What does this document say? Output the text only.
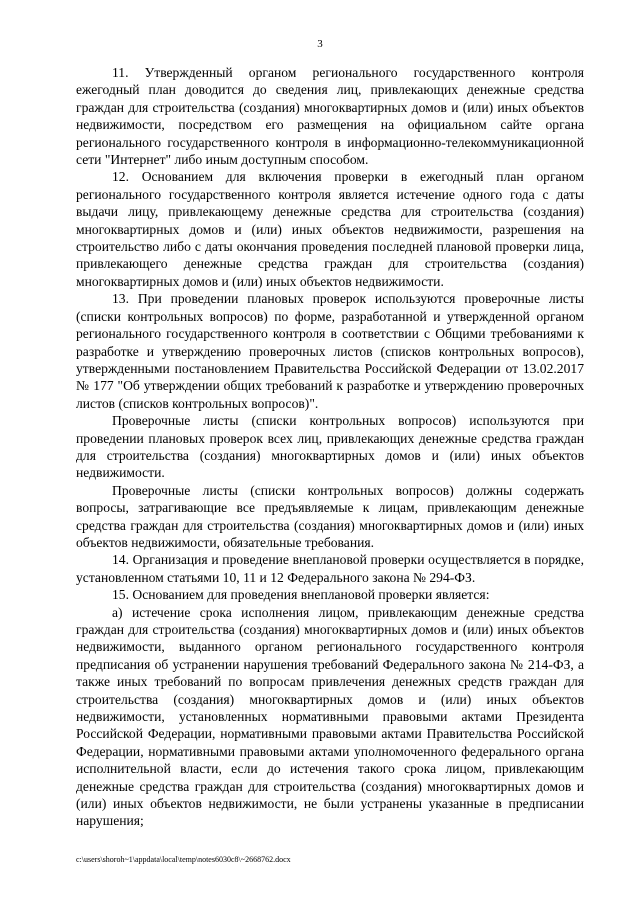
3

11. Утвержденный органом регионального государственного контроля ежегодный план доводится до сведения лиц, привлекающих денежные средства граждан для строительства (создания) многоквартирных домов и (или) иных объектов недвижимости, посредством его размещения на официальном сайте органа регионального государственного контроля в информационно-телекоммуникационной сети "Интернет" либо иным доступным способом.

12. Основанием для включения проверки в ежегодный план органом регионального государственного контроля является истечение одного года с даты выдачи лицу, привлекающему денежные средства для строительства (создания) многоквартирных домов и (или) иных объектов недвижимости, разрешения на строительство либо с даты окончания проведения последней плановой проверки лица, привлекающего денежные средства граждан для строительства (создания) многоквартирных домов и (или) иных объектов недвижимости.

13. При проведении плановых проверок используются проверочные листы (списки контрольных вопросов) по форме, разработанной и утвержденной органом регионального государственного контроля в соответствии с Общими требованиями к разработке и утверждению проверочных листов (списков контрольных вопросов), утвержденными постановлением Правительства Российской Федерации от 13.02.2017 № 177 "Об утверждении общих требований к разработке и утверждению проверочных листов (списков контрольных вопросов)".

Проверочные листы (списки контрольных вопросов) используются при проведении плановых проверок всех лиц, привлекающих денежные средства граждан для строительства (создания) многоквартирных домов и (или) иных объектов недвижимости.

Проверочные листы (списки контрольных вопросов) должны содержать вопросы, затрагивающие все предъявляемые к лицам, привлекающим денежные средства граждан для строительства (создания) многоквартирных домов и (или) иных объектов недвижимости, обязательные требования.

14. Организация и проведение внеплановой проверки осуществляется в порядке, установленном статьями 10, 11 и 12 Федерального закона № 294-ФЗ.

15. Основанием для проведения внеплановой проверки является:

а) истечение срока исполнения лицом, привлекающим денежные средства граждан для строительства (создания) многоквартирных домов и (или) иных объектов недвижимости, выданного органом регионального государственного контроля предписания об устранении нарушения требований Федерального закона № 214-ФЗ, а также иных требований по вопросам привлечения денежных средств граждан для строительства (создания) многоквартирных домов и (или) иных объектов недвижимости, установленных нормативными правовыми актами Президента Российской Федерации, нормативными правовыми актами Правительства Российской Федерации, нормативными правовыми актами уполномоченного федерального органа исполнительной власти, если до истечения такого срока лицом, привлекающим денежные средства граждан для строительства (создания) многоквартирных домов и (или) иных объектов недвижимости, не были устранены указанные в предписании нарушения;

c:\users\shoroh~1\appdata\local\temp\notes6030c8\~2668762.docx
